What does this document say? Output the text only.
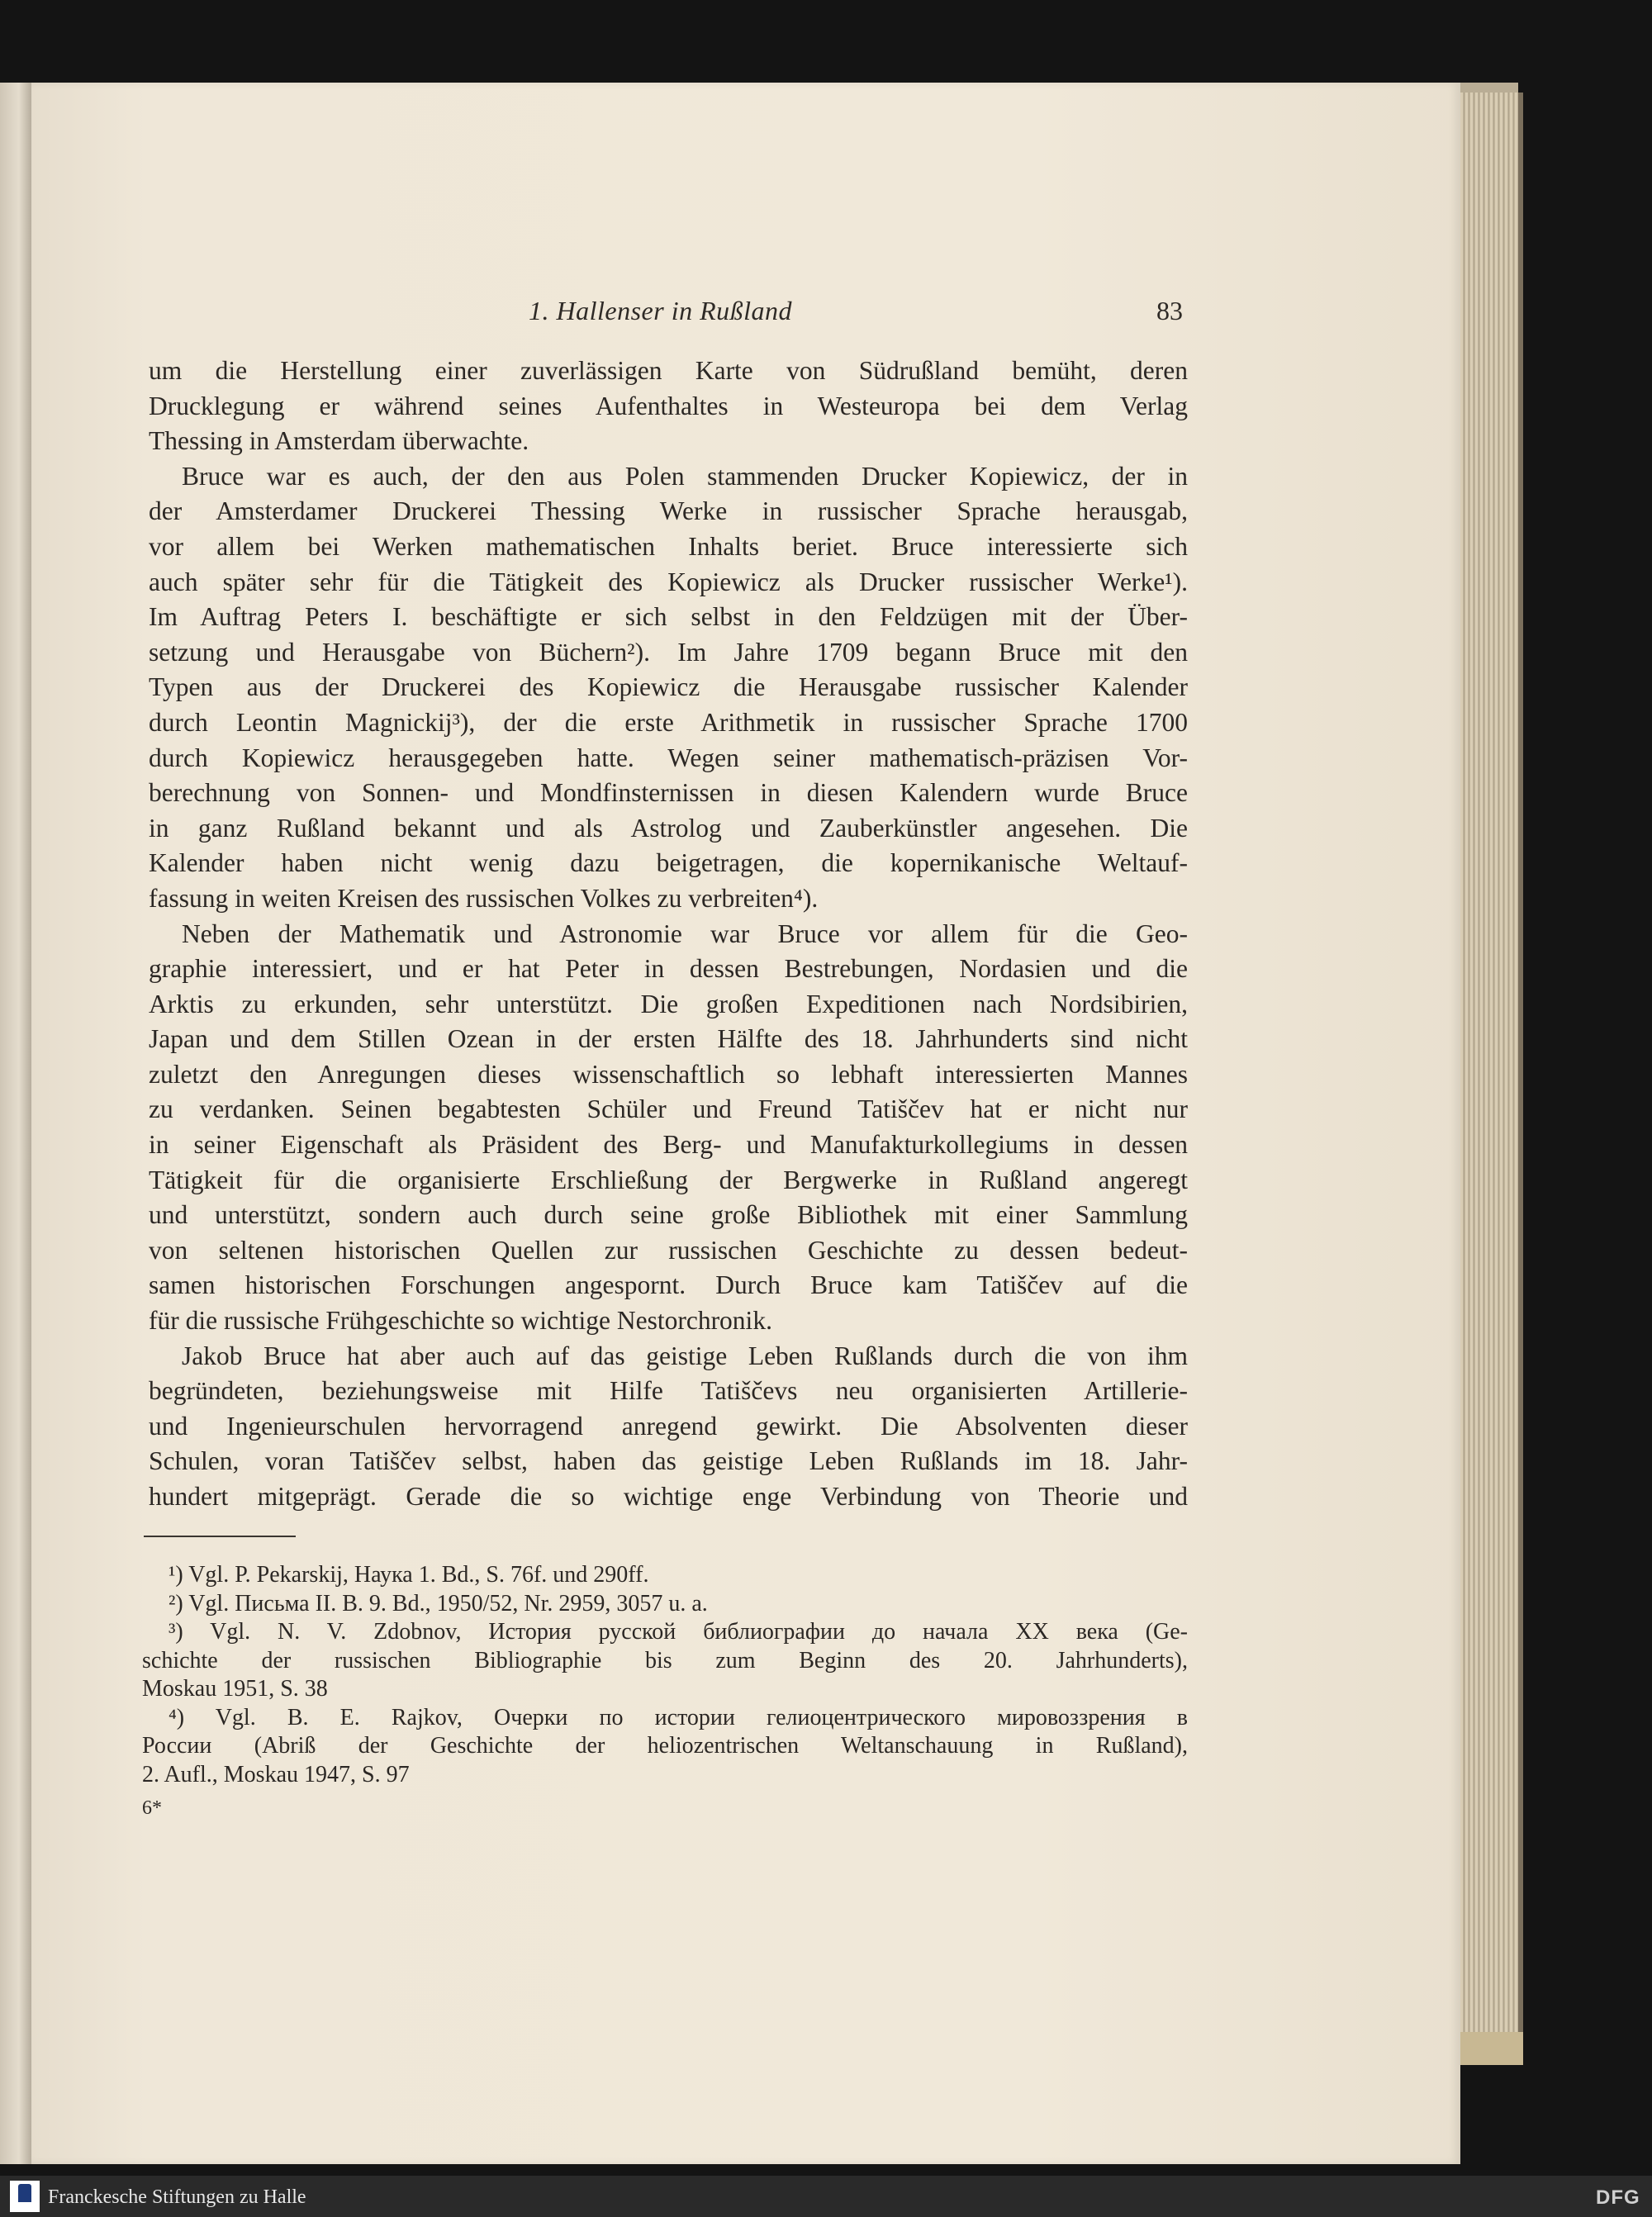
1. Hallenser in Rußland	83
um die Herstellung einer zuverlässigen Karte von Südrußland bemüht, deren
Drucklegung er während seines Aufenthaltes in Westeuropa bei dem Verlag
Thessing in Amsterdam überwachte.
Bruce war es auch, der den aus Polen stammenden Drucker Kopiewicz, der in
der Amsterdamer Druckerei Thessing Werke in russischer Sprache herausgab,
vor allem bei Werken mathematischen Inhalts beriet. Bruce interessierte sich
auch später sehr für die Tätigkeit des Kopiewicz als Drucker russischer Werke¹).
Im Auftrag Peters I. beschäftigte er sich selbst in den Feldzügen mit der Über-
setzung und Herausgabe von Büchern²). Im Jahre 1709 begann Bruce mit den
Typen aus der Druckerei des Kopiewicz die Herausgabe russischer Kalender
durch Leontin Magnickij³), der die erste Arithmetik in russischer Sprache 1700
durch Kopiewicz herausgegeben hatte. Wegen seiner mathematisch-präzisen Vor-
berechnung von Sonnen- und Mondfinsternissen in diesen Kalendern wurde Bruce
in ganz Rußland bekannt und als Astrolog und Zauberkünstler angesehen. Die
Kalender haben nicht wenig dazu beigetragen, die kopernikanische Weltauf-
fassung in weiten Kreisen des russischen Volkes zu verbreiten⁴).
Neben der Mathematik und Astronomie war Bruce vor allem für die Geo-
graphie interessiert, und er hat Peter in dessen Bestrebungen, Nordasien und die
Arktis zu erkunden, sehr unterstützt. Die großen Expeditionen nach Nordsibirien,
Japan und dem Stillen Ozean in der ersten Hälfte des 18. Jahrhunderts sind nicht
zuletzt den Anregungen dieses wissenschaftlich so lebhaft interessierten Mannes
zu verdanken. Seinen begabtesten Schüler und Freund Tatiščev hat er nicht nur
in seiner Eigenschaft als Präsident des Berg- und Manufakturkollegiums in dessen
Tätigkeit für die organisierte Erschließung der Bergwerke in Rußland angeregt
und unterstützt, sondern auch durch seine große Bibliothek mit einer Sammlung
von seltenen historischen Quellen zur russischen Geschichte zu dessen bedeut-
samen historischen Forschungen angespornt. Durch Bruce kam Tatiščev auf die
für die russische Frühgeschichte so wichtige Nestorchronik.
Jakob Bruce hat aber auch auf das geistige Leben Rußlands durch die von ihm
begründeten, beziehungsweise mit Hilfe Tatiščevs neu organisierten Artillerie-
und Ingenieurschulen hervorragend anregend gewirkt. Die Absolventen dieser
Schulen, voran Tatiščev selbst, haben das geistige Leben Rußlands im 18. Jahr-
hundert mitgeprägt. Gerade die so wichtige enge Verbindung von Theorie und
¹) Vgl. P. Pekarskij, Наука 1. Bd., S. 76f. und 290ff.
²) Vgl. Письма II. B. 9. Bd., 1950/52, Nr. 2959, 3057 u. a.
³) Vgl. N. V. Zdobnov, История русской библиографии до начала XX века (Ge-
schichte der russischen Bibliographie bis zum Beginn des 20. Jahrhunderts),
Moskau 1951, S. 38
⁴) Vgl. B. E. Rajkov, Очерки по истории гелиоцентрического мировоззрения в
России (Abriß der Geschichte der heliozentrischen Weltanschauung in Rußland),
2. Aufl., Moskau 1947, S. 97
6*
Franckesche Stiftungen zu Halle	DFG
